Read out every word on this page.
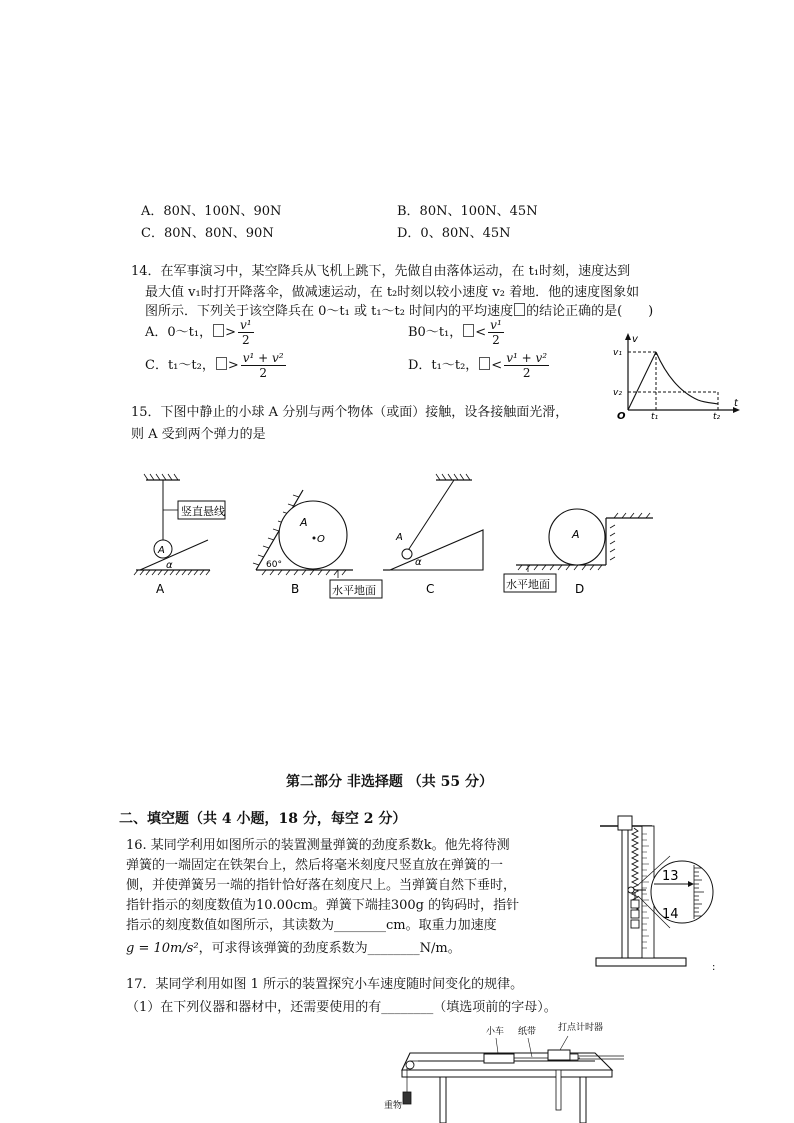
A．80N、100N、90N	B．80N、100N、45N
C．80N、80N、90N	D．0、80N、45N
14．在军事演习中，某空降兵从飞机上跳下，先做自由落体运动，在 t₁时刻，速度达到
最大值 v₁时打开降落伞，做减速运动，在 t₂时刻以较小速度 v₂ 着地．他的速度图象如
图所示．下列关于该空降兵在 0～t₁ 或 t₁～t₂ 时间内的平均速度 的结论正确的是(　　)
A．0～t₁， > $\frac{\text{v¹}}{2}$	B0～t₁， < $\frac{\text{v¹}}{2}$
C．t₁～t₂， > $\frac{\text{v¹ + v²}}{2}$	D．t₁～t₂， < $\frac{\text{v¹ + v²}}{2}$
v
t
O
v₁
v₂
t₁	t₂
15．下图中静止的小球 A 分别与两个物体（或面）接触，设各接触面光滑，
则 A 受到两个弹力的是
竖直悬线
A
α
A
A
O
60°
水平地面
B
A
α
C
A
水平地面 D
第二部分 非选择题 （共 55 分）
二、填空题（共 4 小题，18 分，每空 2 分）
16. 某同学利用如图所示的装置测量弹簧的劲度系数k。他先将待测
弹簧的一端固定在铁架台上，然后将毫米刻度尺竖直放在弹簧的一
侧，并使弹簧另一端的指针恰好落在刻度尺上。当弹簧自然下垂时，
指针指示的刻度数值为10.00cm。弹簧下端挂300g 的钩码时，指针
指示的刻度数值如图所示，其读数为________cm。取重力加速度
g = 10m/s²，可求得该弹簧的劲度系数为________N/m。
13
14
:
17．某同学利用如图 1 所示的装置探究小车速度随时间变化的规律。
（1）在下列仪器和器材中，还需要使用的有________（填选项前的字母）。
小车 纸带 打点计时器
重物
